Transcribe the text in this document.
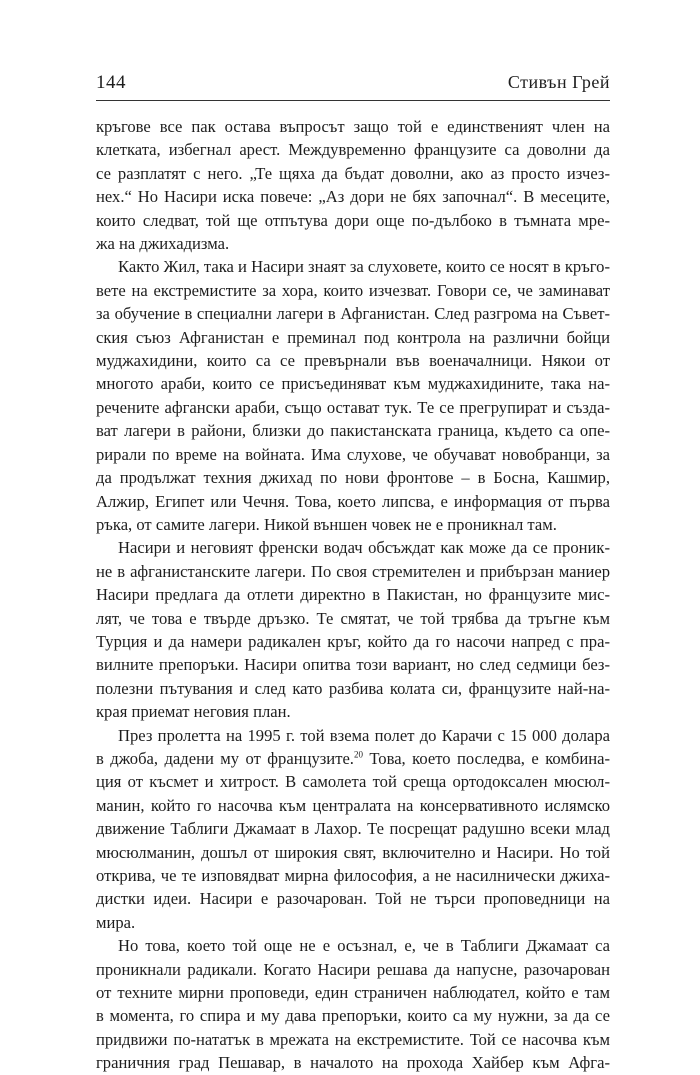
144	Стивън Грей
кръгове все пак остава въпросът защо той е единственият член на
клетката, избегнал арест. Междувременно французите са доволни да
се разплатят с него. „Те щяха да бъдат доволни, ако аз просто изчез-
нех.“ Но Насири иска повече: „Аз дори не бях започнал“. В месеците,
които следват, той ще отпътува дори още по-дълбоко в тъмната мре-
жа на джихадизма.
Както Жил, така и Насири знаят за слуховете, които се носят в кръго-
вете на екстремистите за хора, които изчезват. Говори се, че заминават
за обучение в специални лагери в Афганистан. След разгрома на Съвет-
ския съюз Афганистан е преминал под контрола на различни бойци
муджахидини, които са се превърнали във военачалници. Някои от
многото араби, които се присъединяват към муджахидините, така на-
речените афгански араби, също остават тук. Те се прегрупират и създа-
ват лагери в райони, близки до пакистанската граница, където са опе-
рирали по време на войната. Има слухове, че обучават новобранци, за
да продължат техния джихад по нови фронтове – в Босна, Кашмир,
Алжир, Египет или Чечня. Това, което липсва, е информация от първа
ръка, от самите лагери. Никой външен човек не е проникнал там.
Насири и неговият френски водач обсъждат как може да се проник-
не в афганистанските лагери. По своя стремителен и прибързан маниер
Насири предлага да отлети директно в Пакистан, но французите мис-
лят, че това е твърде дръзко. Те смятат, че той трябва да тръгне към
Турция и да намери радикален кръг, който да го насочи напред с пра-
вилните препоръки. Насири опитва този вариант, но след седмици без-
полезни пътувания и след като разбива колата си, французите най-на-
края приемат неговия план.
През пролетта на 1995 г. той взема полет до Карачи с 15 000 долара
в джоба, дадени му от французите.$^{20}$ Това, което последва, е комбина-
ция от късмет и хитрост. В самолета той среща ортодоксален мюсюл-
манин, който го насочва към централата на консервативното ислямско
движение Таблиги Джамаат в Лахор. Те посрещат радушно всеки млад
мюсюлманин, дошъл от широкия свят, включително и Насири. Но той
открива, че те изповядват мирна философия, а не насилнически джиха-
дистки идеи. Насири е разочарован. Той не търси проповедници на
мира.
Но това, което той още не е осъзнал, е, че в Таблиги Джамаат са
проникнали радикали. Когато Насири решава да напусне, разочарован
от техните мирни проповеди, един страничен наблюдател, който е там
в момента, го спира и му дава препоръки, които са му нужни, за да се
придвижи по-нататък в мрежата на екстремистите. Той се насочва към
граничния град Пешавар, в началото на прохода Хайбер към Афга-
